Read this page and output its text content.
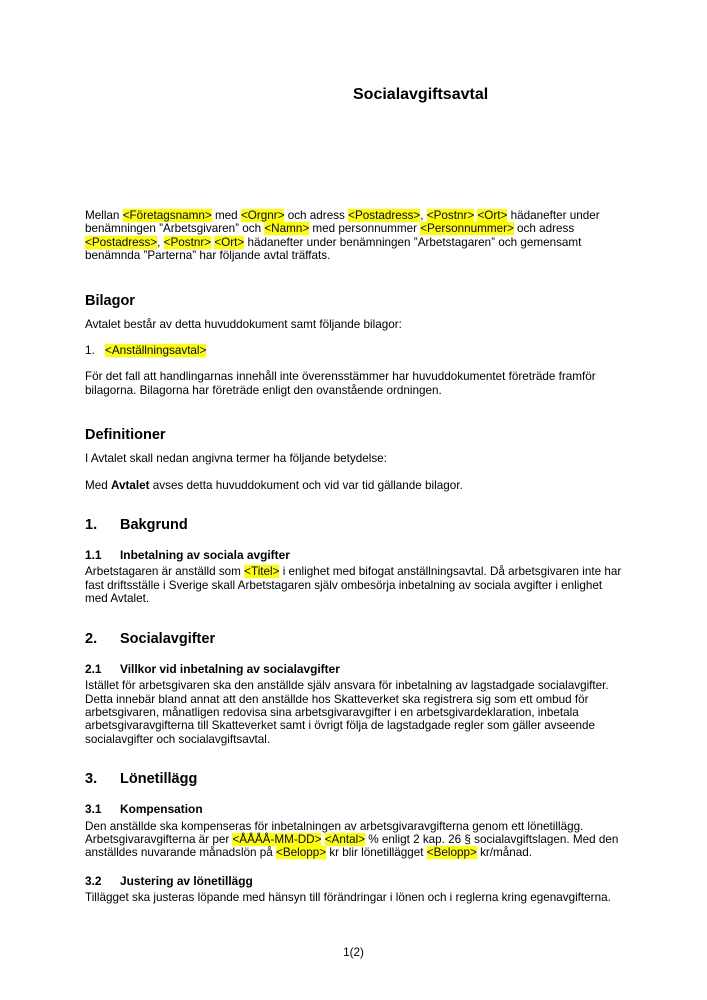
Socialavgiftsavtal

Mellan <Företagsnamn> med <Orgnr> och adress <Postadress>, <Postnr> <Ort> hädanefter under benämningen ”Arbetsgivaren” och <Namn> med personnummer <Personnummer> och adress <Postadress>, <Postnr> <Ort> hädanefter under benämningen ”Arbetstagaren” och gemensamt benämnda ”Parterna” har följande avtal träffats.

Bilagor

Avtalet består av detta huvuddokument samt följande bilagor:

1. <Anställningsavtal>

För det fall att handlingarnas innehåll inte överensstämmer har huvuddokumentet företräde framför bilagorna. Bilagorna har företräde enligt den ovanstående ordningen.

Definitioner

I Avtalet skall nedan angivna termer ha följande betydelse:

Med Avtalet avses detta huvuddokument och vid var tid gällande bilagor.

1. Bakgrund
1.1 Inbetalning av sociala avgifter

Arbetstagaren är anställd som <Titel> i enlighet med bifogat anställningsavtal. Då arbetsgivaren inte har fast driftsställe i Sverige skall Arbetstagaren själv ombesörja inbetalning av sociala avgifter i enlighet med Avtalet.

2. Socialavgifter
2.1 Villkor vid inbetalning av socialavgifter

Istället för arbetsgivaren ska den anställde själv ansvara för inbetalning av lagstadgade socialavgifter. Detta innebär bland annat att den anställde hos Skatteverket ska registrera sig som ett ombud för arbetsgivaren, månatligen redovisa sina arbetsgivaravgifter i en arbetsgivardeklaration, inbetala arbetsgivaravgifterna till Skatteverket samt i övrigt följa de lagstadgade regler som gäller avseende socialavgifter och socialavgiftsavtal.

3. Lönetillägg
3.1 Kompensation

Den anställde ska kompenseras för inbetalningen av arbetsgivaravgifterna genom ett lönetillägg. Arbetsgivaravgifterna är per <ÅÅÅÅ-MM-DD> <Antal> % enligt 2 kap. 26 § socialavgiftslagen. Med den anställdes nuvarande månadslön på <Belopp> kr blir lönetillägget <Belopp> kr/månad.

3.2 Justering av lönetillägg

Tillägget ska justeras löpande med hänsyn till förändringar i lönen och i reglerna kring egenavgifterna.

1(2)
